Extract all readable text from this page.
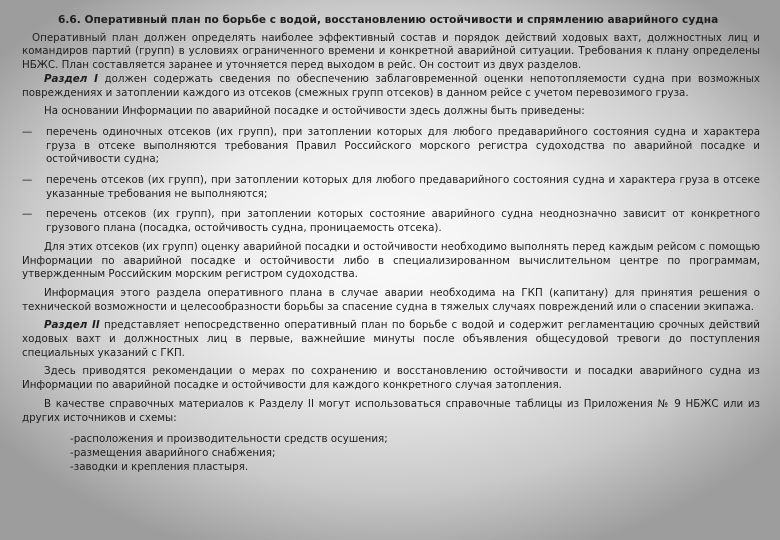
6.6. Оперативный план по борьбе с водой, восстановлению остойчивости и спрямлению аварийного судна

Оперативный план должен определять наиболее эффективный состав и порядок действий ходовых вахт, должностных лиц и командиров партий (групп) в условиях ограниченного времени и конкретной аварийной ситуации. Требования к плану определены НБЖС. План составляется заранее и уточняется перед выходом в рейс. Он состоит из двух разделов.

Раздел I должен содержать сведения по обеспечению заблаговременной оценки непотопляемости судна при возможных повреждениях и затоплении каждого из отсеков (смежных групп отсеков) в данном рейсе с учетом перевозимого груза.

На основании Информации по аварийной посадке и остойчивости здесь должны быть приведены:

—	перечень одиночных отсеков (их групп), при затоплении которых для любого предаварийного состояния судна и характера груза в отсеке выполняются требования Правил Российского морского регистра судоходства по аварийной посадке и остойчивости судна;
—	перечень отсеков (их групп), при затоплении которых для любого предаварийного состояния судна и характера груза в отсеке указанные требования не выполняются;
—	перечень отсеков (их групп), при затоплении которых состояние аварийного судна неоднозначно зависит от конкретного грузового плана (посадка, остойчивость судна, проницаемость отсека).

Для этих отсеков (их групп) оценку аварийной посадки и остойчивости необходимо выполнять перед каждым рейсом с помощью Информации по аварийной посадке и остойчивости либо в специализированном вычислительном центре по программам, утвержденным Российским морским регистром судоходства.

Информация этого раздела оперативного плана в случае аварии необходима на ГКП (капитану) для принятия решения о технической возможности и целесообразности борьбы за спасение судна в тяжелых случаях повреждений или о спасении экипажа.

Раздел II представляет непосредственно оперативный план по борьбе с водой и содержит регламентацию срочных действий ходовых вахт и должностных лиц в первые, важнейшие минуты после объявления общесудовой тревоги до поступления специальных указаний с ГКП.

Здесь приводятся рекомендации о мерах по сохранению и восстановлению остойчивости и посадки аварийного судна из Информации по аварийной посадке и остойчивости для каждого конкретного случая затопления.

В качестве справочных материалов к Разделу II могут использоваться справочные таблицы из Приложения № 9 НБЖС или из других источников и схемы:

-расположения и производительности средств осушения;
-размещения аварийного снабжения;
-заводки и крепления пластыря.
